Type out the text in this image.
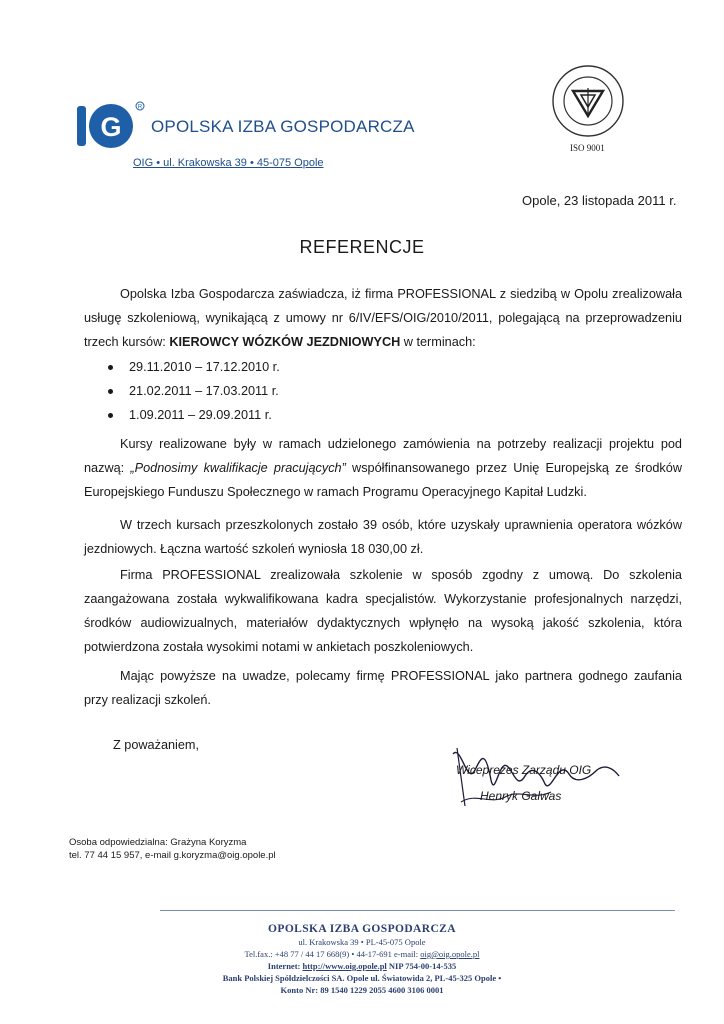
G
R
OPOLSKA IZBA GOSPODARCZA
OIG • ul. Krakowska 39 • 45-075 Opole
ISO 9001
Opole, 23 listopada 2011 r.
REFERENCJE
Opolska Izba Gospodarcza zaświadcza, iż firma PROFESSIONAL z siedzibą w Opolu zrealizowała usługę szkoleniową, wynikającą z umowy nr 6/IV/EFS/OIG/2010/2011, polegającą na przeprowadzeniu trzech kursów: KIEROWCY WÓZKÓW JEZDNIOWYCH w terminach:
29.11.2010 – 17.12.2010 r.
21.02.2011 – 17.03.2011 r.
1.09.2011 – 29.09.2011 r.
Kursy realizowane były w ramach udzielonego zamówienia na potrzeby realizacji projektu pod nazwą: „Podnosimy kwalifikacje pracujących” współfinansowanego przez Unię Europejską ze środków Europejskiego Funduszu Społecznego w ramach Programu Operacyjnego Kapitał Ludzki.
W trzech kursach przeszkolonych zostało 39 osób, które uzyskały uprawnienia operatora wózków jezdniowych. Łączna wartość szkoleń wyniosła 18 030,00 zł.
Firma PROFESSIONAL zrealizowała szkolenie w sposób zgodny z umową. Do szkolenia zaangażowana została wykwalifikowana kadra specjalistów. Wykorzystanie profesjonalnych narzędzi, środków audiowizualnych, materiałów dydaktycznych wpłynęło na wysoką jakość szkolenia, która potwierdzona została wysokimi notami w ankietach poszkoleniowych.
Mając powyższe na uwadze, polecamy firmę PROFESSIONAL jako partnera godnego zaufania przy realizacji szkoleń.
Z poważaniem,
Wiceprezes Zarządu OIG
Henryk Galwas
Osoba odpowiedzialna: Grażyna Koryzma
tel. 77 44 15 957, e-mail g.koryzma@oig.opole.pl
OPOLSKA IZBA GOSPODARCZA
ul. Krakowska 39 • PL-45-075 Opole
Tel.fax.: +48 77 / 44 17 668(9) • 44-17-691 e-mail: oig@oig.opole.pl
Internet: http://www.oig.opole.pl NIP 754-00-14-535
Bank Polskiej Spółdzielczości SA. Opole ul. Światowida 2, PL-45-325 Opole •
Konto Nr: 89 1540 1229 2055 4600 3106 0001
